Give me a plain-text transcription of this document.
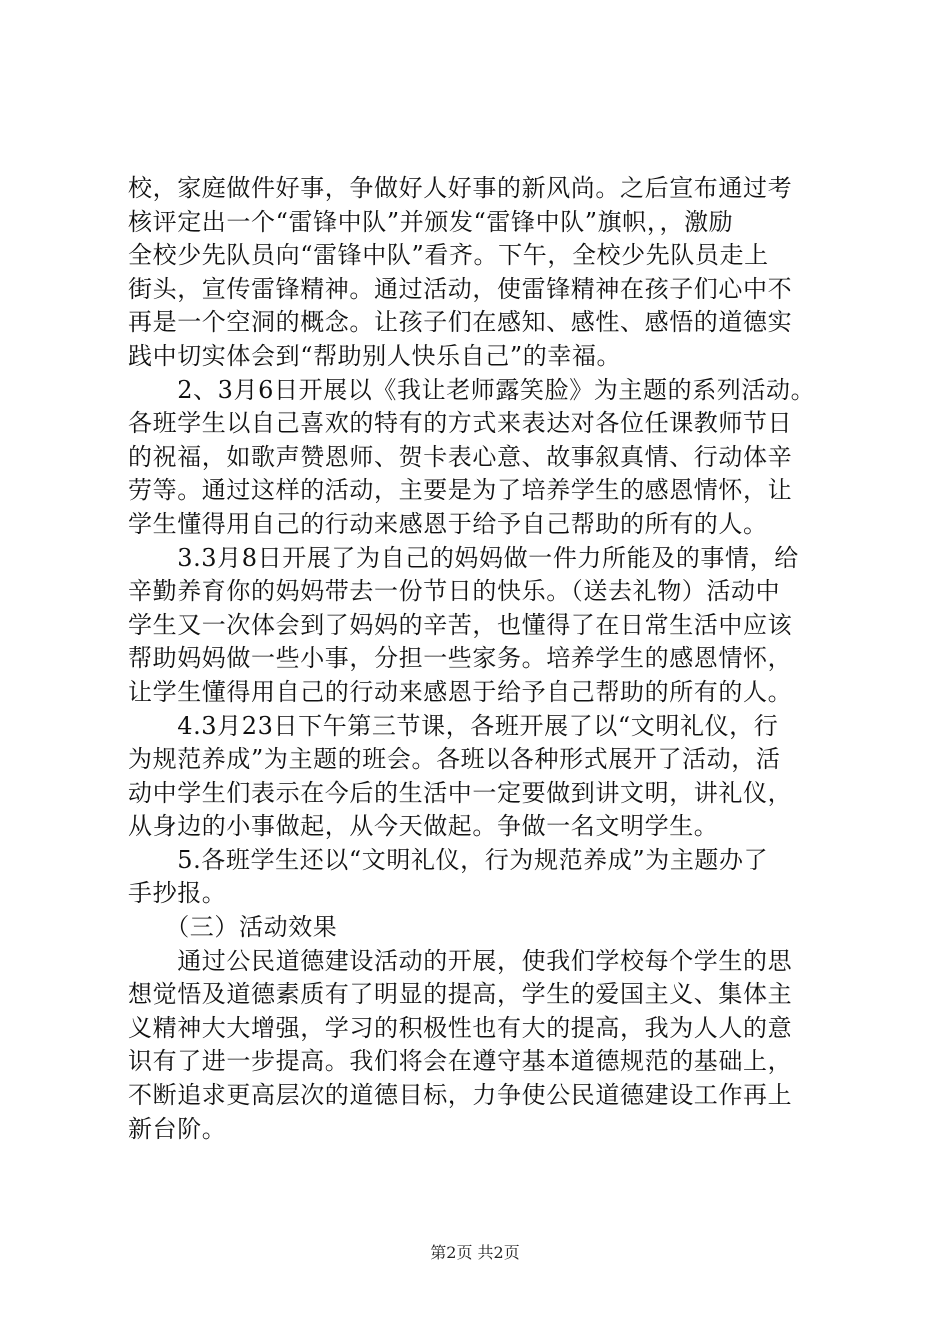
校，家庭做件好事，争做好人好事的新风尚。之后宣布通过考
核评定出一个“雷锋中队”并颁发“雷锋中队”旗帜，，激励
全校少先队员向“雷锋中队”看齐。下午，全校少先队员走上
街头，宣传雷锋精神。通过活动，使雷锋精神在孩子们心中不
再是一个空洞的概念。让孩子们在感知、感性、感悟的道德实
践中切实体会到“帮助别人快乐自己”的幸福。
　　2、3月6日开展以《我让老师露笑脸》为主题的系列活动。
各班学生以自己喜欢的特有的方式来表达对各位任课教师节日
的祝福，如歌声赞恩师、贺卡表心意、故事叙真情、行动体辛
劳等。通过这样的活动，主要是为了培养学生的感恩情怀，让
学生懂得用自己的行动来感恩于给予自己帮助的所有的人。
　　3.3月8日开展了为自己的妈妈做一件力所能及的事情，给
辛勤养育你的妈妈带去一份节日的快乐。（送去礼物）活动中
学生又一次体会到了妈妈的辛苦，也懂得了在日常生活中应该
帮助妈妈做一些小事，分担一些家务。培养学生的感恩情怀，
让学生懂得用自己的行动来感恩于给予自己帮助的所有的人。
　　4.3月23日下午第三节课，各班开展了以“文明礼仪，行
为规范养成”为主题的班会。各班以各种形式展开了活动，活
动中学生们表示在今后的生活中一定要做到讲文明，讲礼仪，
从身边的小事做起，从今天做起。争做一名文明学生。
　　5.各班学生还以“文明礼仪，行为规范养成”为主题办了
手抄报。
　　（三）活动效果
　　通过公民道德建设活动的开展，使我们学校每个学生的思
想觉悟及道德素质有了明显的提高，学生的爱国主义、集体主
义精神大大增强，学习的积极性也有大的提高，我为人人的意
识有了进一步提高。我们将会在遵守基本道德规范的基础上，
不断追求更高层次的道德目标，力争使公民道德建设工作再上
新台阶。
第2页 共2页
